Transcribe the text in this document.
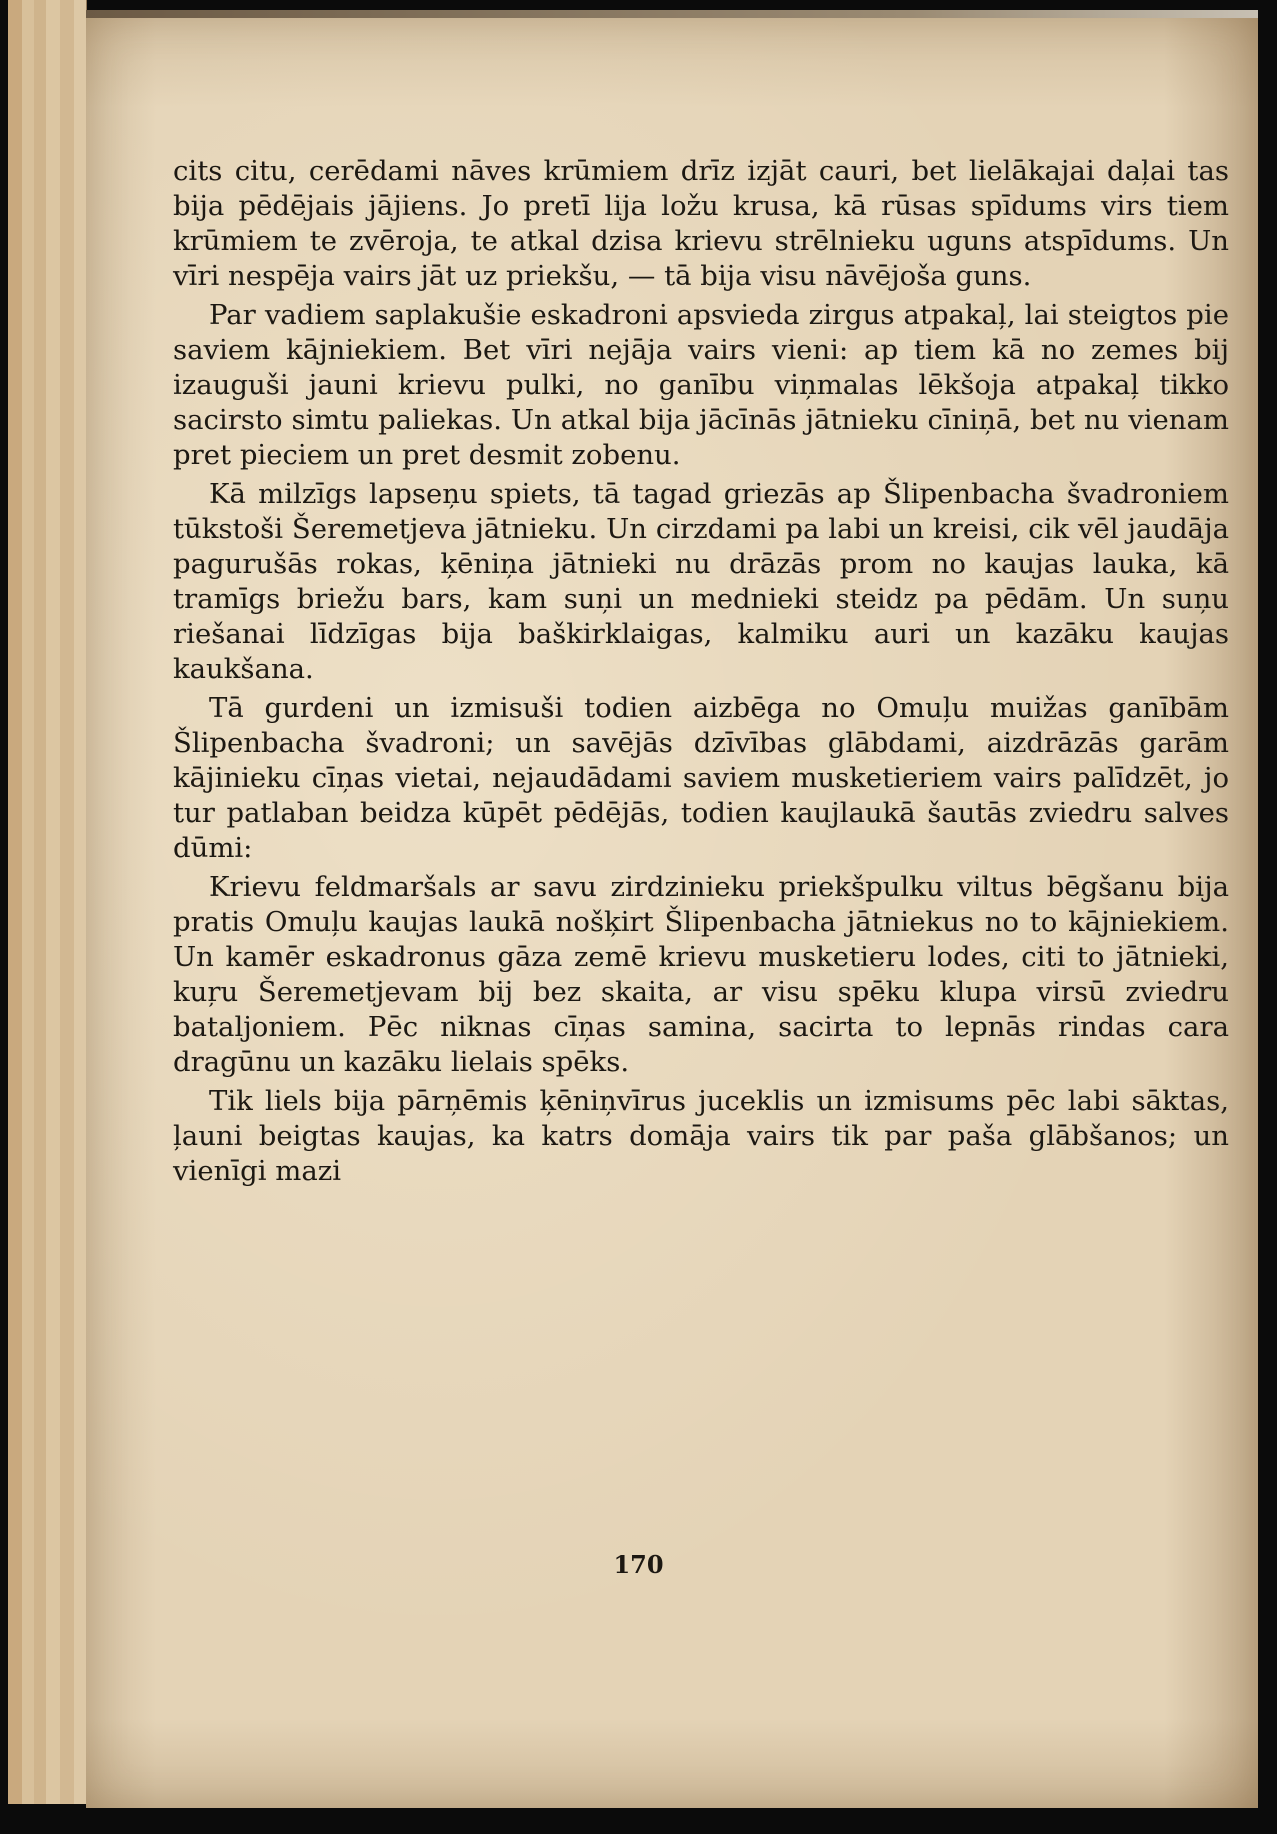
cits citu, cerēdami nāves krūmiem drīz izjāt cauri, bet lielākajai daļai tas bija pēdējais jājiens. Jo pretī lija ložu krusa, kā rūsas spīdums virs tiem krūmiem te zvēroja, te atkal dzisa krievu strēlnieku uguns atspīdums. Un vīri nespēja vairs jāt uz priekšu, — tā bija visu nāvējoša guns.

Par vadiem saplakušie eskadroni apsvieda zirgus atpakaļ, lai steigtos pie saviem kājniekiem. Bet vīri nejāja vairs vieni: ap tiem kā no zemes bij izauguši jauni krievu pulki, no ganību viņmalas lēkšoja atpakaļ tikko sacirsto simtu paliekas. Un atkal bija jācīnās jātnieku cīniņā, bet nu vienam pret pieciem un pret desmit zobenu.

Kā milzīgs lapseņu spiets, tā tagad griezās ap Šlipenbacha švadroniem tūkstoši Šeremetjeva jātnieku. Un cirzdami pa labi un kreisi, cik vēl jaudāja pagurušās rokas, ķēniņa jātnieki nu drāzās prom no kaujas lauka, kā tramīgs briežu bars, kam suņi un mednieki steidz pa pēdām. Un suņu riešanai līdzīgas bija baškirklaigas, kalmiku auri un kazāku kaujas kaukšana.

Tā gurdeni un izmisuši todien aizbēga no Omuļu muižas ganībām Šlipenbacha švadroni; un savējās dzīvības glābdami, aizdrāzās garām kājinieku cīņas vietai, nejaudādami saviem musketieriem vairs palīdzēt, jo tur patlaban beidza kūpēt pēdējās, todien kaujlaukā šautās zviedru salves dūmi:

Krievu feldmaršals ar savu zirdzinieku priekšpulku viltus bēgšanu bija pratis Omuļu kaujas laukā nošķirt Šlipenbacha jātniekus no to kājniekiem. Un kamēr eskadronus gāza zemē krievu musketieru lodes, citi to jātnieki, kuŗu Šeremetjevam bij bez skaita, ar visu spēku klupa virsū zviedru bataljoniem. Pēc niknas cīņas samina, sacirta to lepnās rindas cara dragūnu un kazāku lielais spēks.

Tik liels bija pārņēmis ķēniņvīrus juceklis un izmisums pēc labi sāktas, ļauni beigtas kaujas, ka katrs domāja vairs tik par paša glābšanos; un vienīgi mazi

170
